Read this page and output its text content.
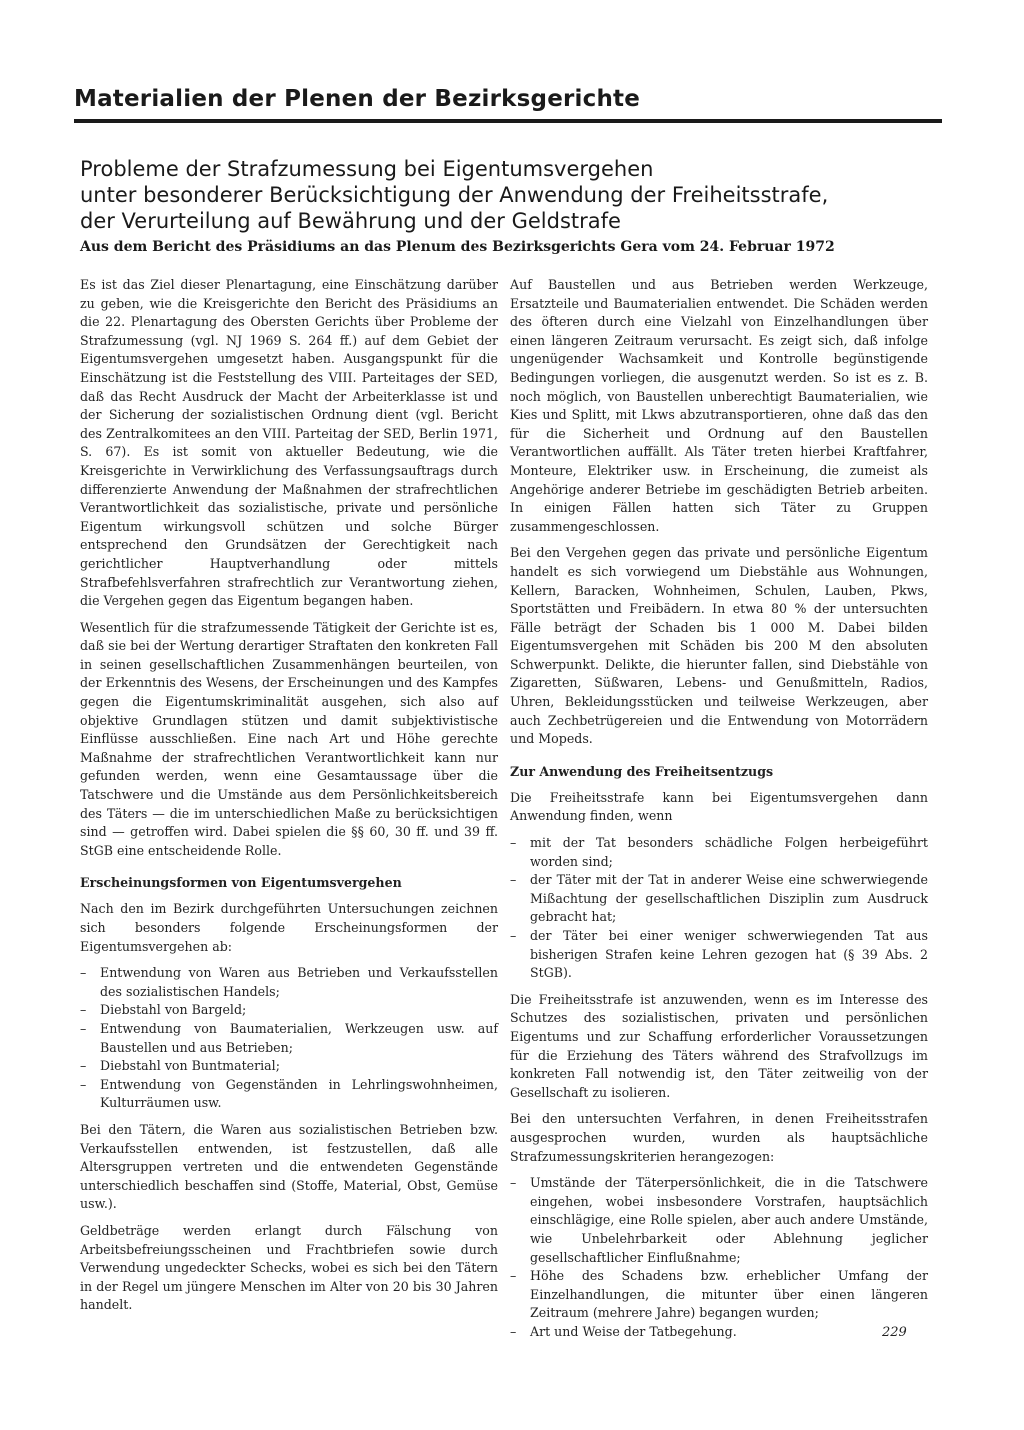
Materialien der Plenen der Bezirksgerichte
Probleme der Strafzumessung bei Eigentumsvergehen
unter besonderer Berücksichtigung der Anwendung der Freiheitsstrafe,
der Verurteilung auf Bewährung und der Geldstrafe
Aus dem Bericht des Präsidiums an das Plenum des Bezirksgerichts Gera vom 24. Februar 1972

Es ist das Ziel dieser Plenartagung, eine Einschätzung darüber zu geben, wie die Kreisgerichte den Bericht des Präsidiums an die 22. Plenartagung des Obersten Gerichts über Probleme der Strafzumessung (vgl. NJ 1969 S. 264 ff.) auf dem Gebiet der Eigentumsvergehen umgesetzt haben. Ausgangspunkt für die Einschätzung ist die Feststellung des VIII. Parteitages der SED, daß das Recht Ausdruck der Macht der Arbeiterklasse ist und der Sicherung der sozialistischen Ordnung dient (vgl. Bericht des Zentralkomitees an den VIII. Parteitag der SED, Berlin 1971, S. 67). Es ist somit von aktueller Bedeutung, wie die Kreisgerichte in Verwirklichung des Verfassungsauftrags durch differenzierte Anwendung der Maßnahmen der strafrechtlichen Verantwortlichkeit das sozialistische, private und persönliche Eigentum wirkungsvoll schützen und solche Bürger entsprechend den Grundsätzen der Gerechtigkeit nach gerichtlicher Hauptverhandlung oder mittels Strafbefehlsverfahren strafrechtlich zur Verantwortung ziehen, die Vergehen gegen das Eigentum begangen haben.

Wesentlich für die strafzumessende Tätigkeit der Gerichte ist es, daß sie bei der Wertung derartiger Straftaten den konkreten Fall in seinen gesellschaftlichen Zusammenhängen beurteilen, von der Erkenntnis des Wesens, der Erscheinungen und des Kampfes gegen die Eigentumskriminalität ausgehen, sich also auf objektive Grundlagen stützen und damit subjektivistische Einflüsse ausschließen. Eine nach Art und Höhe gerechte Maßnahme der strafrechtlichen Verantwortlichkeit kann nur gefunden werden, wenn eine Gesamtaussage über die Tatschwere und die Umstände aus dem Persönlichkeitsbereich des Täters — die im unterschiedlichen Maße zu berücksichtigen sind — getroffen wird. Dabei spielen die §§ 60, 30 ff. und 39 ff. StGB eine entscheidende Rolle.

Erscheinungsformen von Eigentumsvergehen

Nach den im Bezirk durchgeführten Untersuchungen zeichnen sich besonders folgende Erscheinungsformen der Eigentumsvergehen ab:

– Entwendung von Waren aus Betrieben und Verkaufsstellen des sozialistischen Handels;
– Diebstahl von Bargeld;
– Entwendung von Baumaterialien, Werkzeugen usw. auf Baustellen und aus Betrieben;
– Diebstahl von Buntmaterial;
– Entwendung von Gegenständen in Lehrlingswohnheimen, Kulturräumen usw.

Bei den Tätern, die Waren aus sozialistischen Betrieben bzw. Verkaufsstellen entwenden, ist festzustellen, daß alle Altersgruppen vertreten und die entwendeten Gegenstände unterschiedlich beschaffen sind (Stoffe, Material, Obst, Gemüse usw.).

Geldbeträge werden erlangt durch Fälschung von Arbeitsbefreiungsscheinen und Frachtbriefen sowie durch Verwendung ungedeckter Schecks, wobei es sich bei den Tätern in der Regel um jüngere Menschen im Alter von 20 bis 30 Jahren handelt.

Auf Baustellen und aus Betrieben werden Werkzeuge, Ersatzteile und Baumaterialien entwendet. Die Schäden werden des öfteren durch eine Vielzahl von Einzelhandlungen über einen längeren Zeitraum verursacht. Es zeigt sich, daß infolge ungenügender Wachsamkeit und Kontrolle begünstigende Bedingungen vorliegen, die ausgenutzt werden. So ist es z. B. noch möglich, von Baustellen unberechtigt Baumaterialien, wie Kies und Splitt, mit Lkws abzutransportieren, ohne daß das den für die Sicherheit und Ordnung auf den Baustellen Verantwortlichen auffällt. Als Täter treten hierbei Kraftfahrer, Monteure, Elektriker usw. in Erscheinung, die zumeist als Angehörige anderer Betriebe im geschädigten Betrieb arbeiten. In einigen Fällen hatten sich Täter zu Gruppen zusammengeschlossen.

Bei den Vergehen gegen das private und persönliche Eigentum handelt es sich vorwiegend um Diebstähle aus Wohnungen, Kellern, Baracken, Wohnheimen, Schulen, Lauben, Pkws, Sportstätten und Freibädern. In etwa 80 % der untersuchten Fälle beträgt der Schaden bis 1 000 M. Dabei bilden Eigentumsvergehen mit Schäden bis 200 M den absoluten Schwerpunkt. Delikte, die hierunter fallen, sind Diebstähle von Zigaretten, Süßwaren, Lebens- und Genußmitteln, Radios, Uhren, Bekleidungsstücken und teilweise Werkzeugen, aber auch Zechbetrügereien und die Entwendung von Motorrädern und Mopeds.

Zur Anwendung des Freiheitsentzugs

Die Freiheitsstrafe kann bei Eigentumsvergehen dann Anwendung finden, wenn

– mit der Tat besonders schädliche Folgen herbeigeführt worden sind;
– der Täter mit der Tat in anderer Weise eine schwerwiegende Mißachtung der gesellschaftlichen Disziplin zum Ausdruck gebracht hat;
– der Täter bei einer weniger schwerwiegenden Tat aus bisherigen Strafen keine Lehren gezogen hat (§ 39 Abs. 2 StGB).

Die Freiheitsstrafe ist anzuwenden, wenn es im Interesse des Schutzes des sozialistischen, privaten und persönlichen Eigentums und zur Schaffung erforderlicher Voraussetzungen für die Erziehung des Täters während des Strafvollzugs im konkreten Fall notwendig ist, den Täter zeitweilig von der Gesellschaft zu isolieren.

Bei den untersuchten Verfahren, in denen Freiheitsstrafen ausgesprochen wurden, wurden als hauptsächliche Strafzumessungskriterien herangezogen:

– Umstände der Täterpersönlichkeit, die in die Tatschwere eingehen, wobei insbesondere Vorstrafen, hauptsächlich einschlägige, eine Rolle spielen, aber auch andere Umstände, wie Unbelehrbarkeit oder Ablehnung jeglicher gesellschaftlicher Einflußnahme;
– Höhe des Schadens bzw. erheblicher Umfang der Einzelhandlungen, die mitunter über einen längeren Zeitraum (mehrere Jahre) begangen wurden;
– Art und Weise der Tatbegehung.	229
